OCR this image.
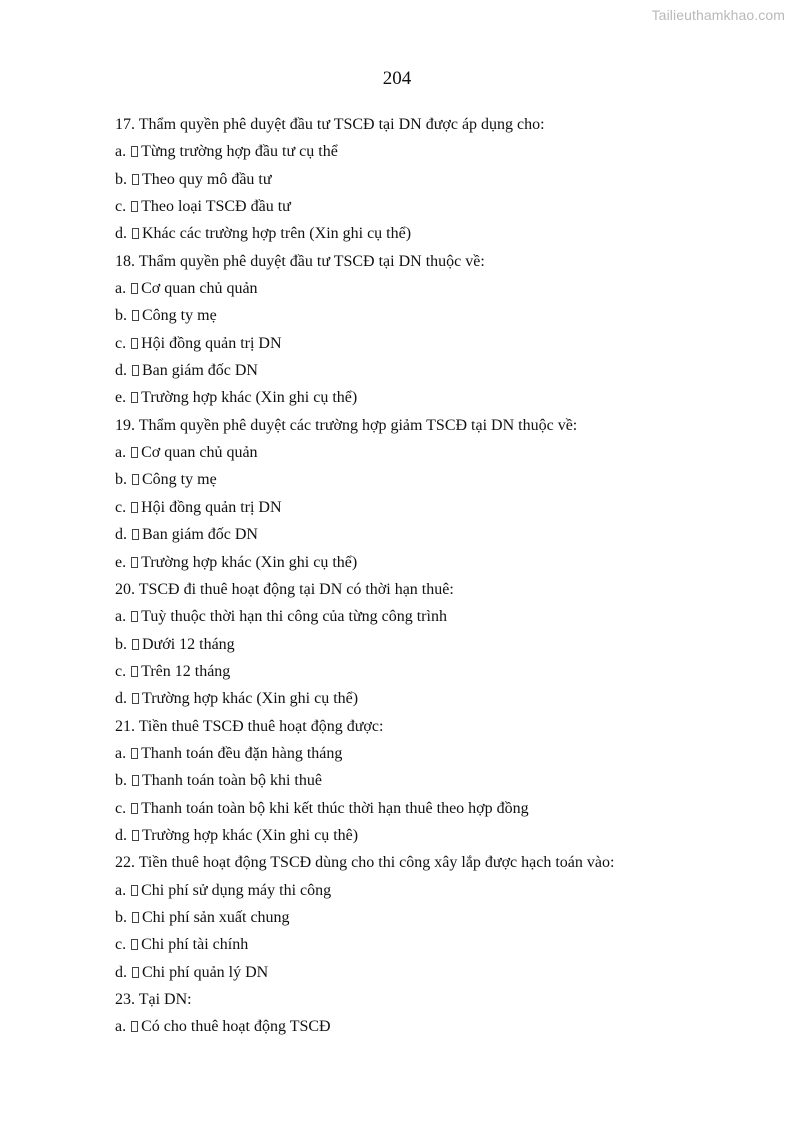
Tailieuthamkhao.com
204
17. Thẩm quyền phê duyệt đầu tư TSCĐ tại DN được áp dụng cho:
a. Từng trường hợp đầu tư cụ thể
b. Theo quy mô đầu tư
c. Theo loại TSCĐ đầu tư
d. Khác các trường hợp trên (Xin ghi cụ thể)
18. Thẩm quyền phê duyệt đầu tư TSCĐ tại DN thuộc về:
a. Cơ quan chủ quản
b. Công ty mẹ
c. Hội đồng quản trị DN
d. Ban giám đốc DN
e. Trường hợp khác (Xin ghi cụ thể)
19. Thẩm quyền phê duyệt các trường hợp giảm TSCĐ tại DN thuộc về:
a. Cơ quan chủ quản
b. Công ty mẹ
c. Hội đồng quản trị DN
d. Ban giám đốc DN
e. Trường hợp khác (Xin ghi cụ thể)
20. TSCĐ đi thuê hoạt động tại DN có thời hạn thuê:
a. Tuỳ thuộc thời hạn thi công của từng công trình
b. Dưới 12 tháng
c. Trên 12 tháng
d. Trường hợp khác (Xin ghi cụ thể)
21. Tiền thuê TSCĐ thuê hoạt động được:
a. Thanh toán đều đặn hàng tháng
b. Thanh toán toàn bộ khi thuê
c. Thanh toán toàn bộ khi kết thúc thời hạn thuê theo hợp đồng
d. Trường hợp khác (Xin ghi cụ thê)
22. Tiền thuê hoạt động TSCĐ dùng cho thi công xây lắp được hạch toán vào:
a. Chi phí sử dụng máy thi công
b. Chi phí sản xuất chung
c. Chi phí tài chính
d. Chi phí quản lý DN
23. Tại DN:
a. Có cho thuê hoạt động TSCĐ
